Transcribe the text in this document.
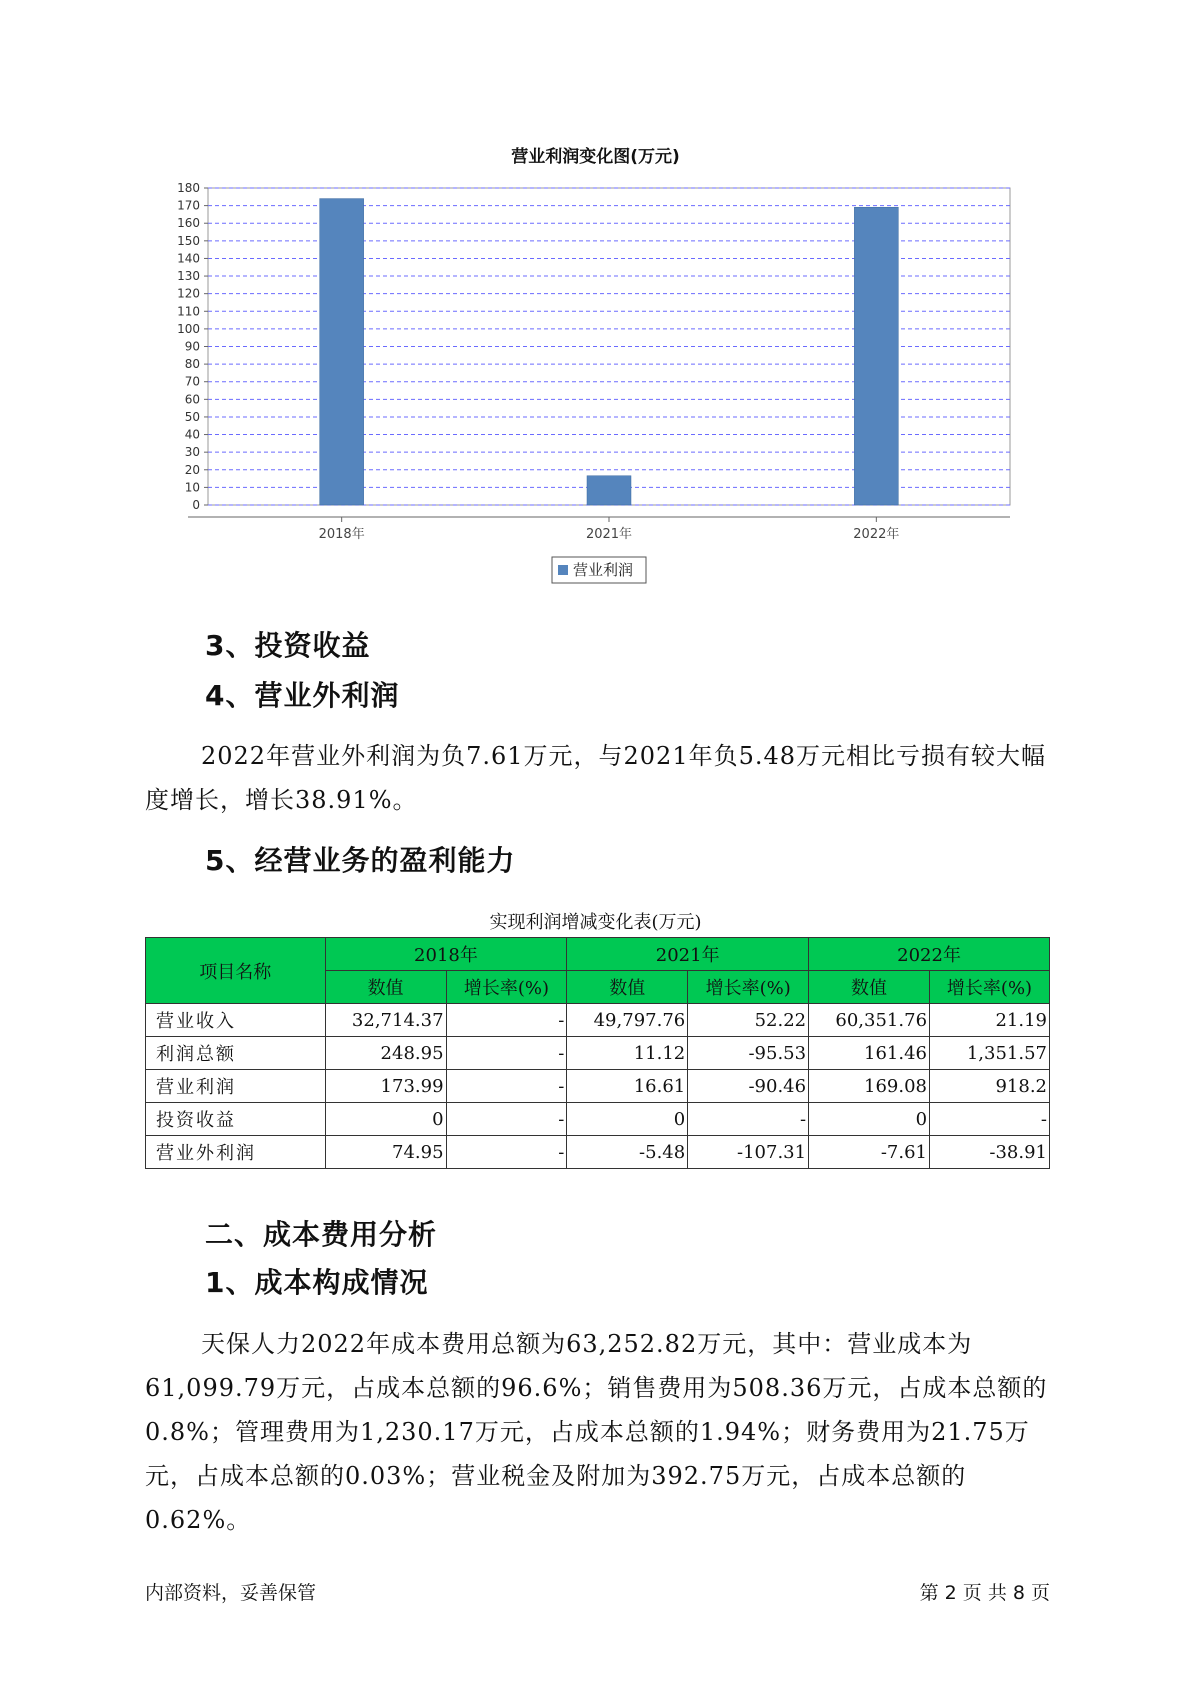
营业利润变化图(万元)
0
10
20
30
40
50
60
70
80
90
100
110
120
130
140
150
160
170
180
2018年	2021年	2022年
营业利润
3、投资收益
4、营业外利润

2022年营业外利润为负7.61万元，与2021年负5.48万元相比亏损有较大幅度增长，增长38.91%。

5、经营业务的盈利能力
实现利润增减变化表(万元)
项目名称	2018年		2021年		2022年	
	数值	增长率(%)	数值	增长率(%)	数值	增长率(%)
营业收入	32,714.37	-	49,797.76	52.22	60,351.76	21.19
利润总额	248.95	-	11.12	-95.53	161.46	1,351.57
营业利润	173.99	-	16.61	-90.46	169.08	918.2
投资收益	0	-	0	-	0	-
营业外利润	74.95	-	-5.48	-107.31	-7.61	-38.91
二、成本费用分析
1、成本构成情况

天保人力2022年成本费用总额为63,252.82万元，其中：营业成本为61,099.79万元，占成本总额的96.6%；销售费用为508.36万元，占成本总额的0.8%；管理费用为1,230.17万元，占成本总额的1.94%；财务费用为21.75万元，占成本总额的0.03%；营业税金及附加为392.75万元，占成本总额的0.62%。

内部资料，妥善保管	第 2 页 共 8 页
